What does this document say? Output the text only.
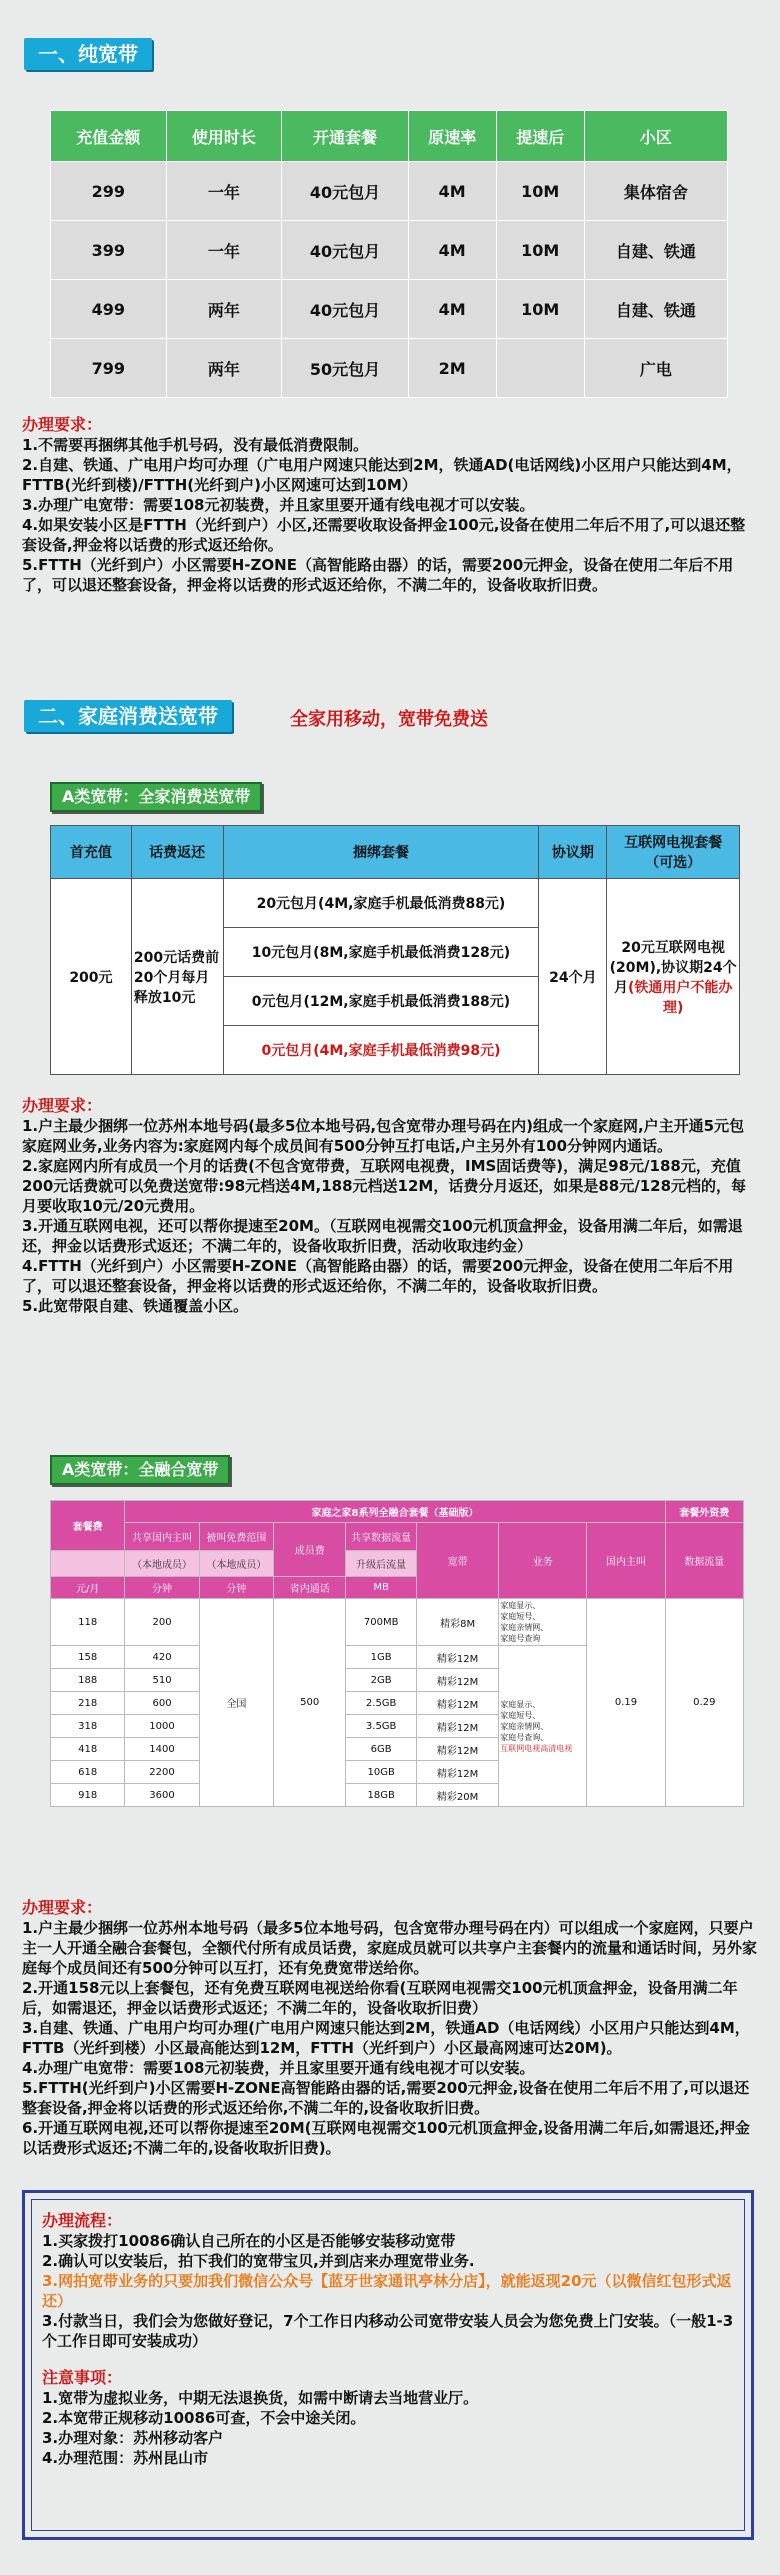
一、纯宽带
充值金额	使用时长	开通套餐	原速率	提速后	小区
299	一年	40元包月	4M	10M	集体宿舍
399	一年	40元包月	4M	10M	自建、铁通
499	两年	40元包月	4M	10M	自建、铁通
799	两年	50元包月	2M		广电
办理要求：
1.不需要再捆绑其他手机号码，没有最低消费限制。
2.自建、铁通、广电用户均可办理（广电用户网速只能达到2M，铁通AD(电话网线)小区用户只能达到4M，FTTB(光纤到楼)/FTTH(光纤到户)小区网速可达到10M）
3.办理广电宽带：需要108元初装费，并且家里要开通有线电视才可以安装。
4.如果安装小区是FTTH（光纤到户）小区,还需要收取设备押金100元,设备在使用二年后不用了,可以退还整套设备,押金将以话费的形式返还给你。
5.FTTH（光纤到户）小区需要H-ZONE（高智能路由器）的话，需要200元押金，设备在使用二年后不用了，可以退还整套设备，押金将以话费的形式返还给你，不满二年的，设备收取折旧费。
二、家庭消费送宽带	全家用移动，宽带免费送
A类宽带：全家消费送宽带
首充值	话费返还	捆绑套餐	协议期	互联网电视套餐
（可选）

200元	200元话费前20个月每月释放10元	20元包月(4M,家庭手机最低消费88元)	24个月	20元互联网电视(20M),协议期24个月(铁通用户不能办理)
		10元包月(8M,家庭手机最低消费128元)		
		0元包月(12M,家庭手机最低消费188元)		
		0元包月(4M,家庭手机最低消费98元)		
办理要求：
1.户主最少捆绑一位苏州本地号码(最多5位本地号码,包含宽带办理号码在内)组成一个家庭网,户主开通5元包家庭网业务,业务内容为:家庭网内每个成员间有500分钟互打电话,户主另外有100分钟网内通话。
2.家庭网内所有成员一个月的话费(不包含宽带费，互联网电视费，IMS固话费等)，满足98元/188元，充值200元话费就可以免费送宽带:98元档送4M,188元档送12M，话费分月返还，如果是88元/128元档的，每月要收取10元/20元费用。
3.开通互联网电视，还可以帮你提速至20M。（互联网电视需交100元机顶盒押金，设备用满二年后，如需退还，押金以话费形式返还；不满二年的，设备收取折旧费，活动收取违约金）
4.FTTH（光纤到户）小区需要H-ZONE（高智能路由器）的话，需要200元押金，设备在使用二年后不用了，可以退还整套设备，押金将以话费的形式返还给你，不满二年的，设备收取折旧费。
5.此宽带限自建、铁通覆盖小区。
A类宽带：全融合宽带
套餐费	家庭之家8系列全融合套餐（基础版）							套餐外资费
	共享国内主叫	被叫免费范围	成员费	共享数据流量	宽带	业务	国内主叫	数据流量
	（本地成员）	（本地成员）		升级后流量				
元/月	分钟	分钟	省内通话	MB				
118	200	全国	500	700MB	精彩8M	家庭显示、
家庭短号、
家庭亲情网、
家庭号查询	0.19	0.29
158	420			1GB	精彩12M	家庭显示、
家庭短号、
家庭亲情网、
家庭号查询、
互联网电视高清电视		

188	510			2GB	精彩12M			
218	600			2.5GB	精彩12M			
318	1000			3.5GB	精彩12M			
418	1400			6GB	精彩12M			
618	2200			10GB	精彩12M			
918	3600			18GB	精彩20M			
办理要求：
1.户主最少捆绑一位苏州本地号码（最多5位本地号码，包含宽带办理号码在内）可以组成一个家庭网，只要户主一人开通全融合套餐包，全额代付所有成员话费，家庭成员就可以共享户主套餐内的流量和通话时间，另外家庭每个成员间还有500分钟可以互打，还有免费宽带送给你。
2.开通158元以上套餐包，还有免费互联网电视送给你看(互联网电视需交100元机顶盒押金，设备用满二年后，如需退还，押金以话费形式返还；不满二年的，设备收取折旧费）
3.自建、铁通、广电用户均可办理(广电用户网速只能达到2M，铁通AD（电话网线）小区用户只能达到4M，FTTB（光纤到楼）小区最高能达到12M，FTTH（光纤到户）小区最高网速可达20M)。
4.办理广电宽带：需要108元初装费，并且家里要开通有线电视才可以安装。
5.FTTH(光纤到户)小区需要H-ZONE高智能路由器的话,需要200元押金,设备在使用二年后不用了,可以退还整套设备,押金将以话费的形式返还给你,不满二年的,设备收取折旧费。
6.开通互联网电视,还可以帮你提速至20M(互联网电视需交100元机顶盒押金,设备用满二年后,如需退还,押金以话费形式返还;不满二年的,设备收取折旧费)。
办理流程：
1.买家拨打10086确认自己所在的小区是否能够安装移动宽带
2.确认可以安装后，拍下我们的宽带宝贝,并到店来办理宽带业务.
3.网拍宽带业务的只要加我们微信公众号【蓝牙世家通讯亭林分店】，就能返现20元（以微信红包形式返还）
3.付款当日，我们会为您做好登记，7个工作日内移动公司宽带安装人员会为您免费上门安装。（一般1-3个工作日即可安装成功）
注意事项：
1.宽带为虚拟业务，中期无法退换货，如需中断请去当地营业厅。
2.本宽带正规移动10086可查，不会中途关闭。
3.办理对象：苏州移动客户
4.办理范围：苏州昆山市
